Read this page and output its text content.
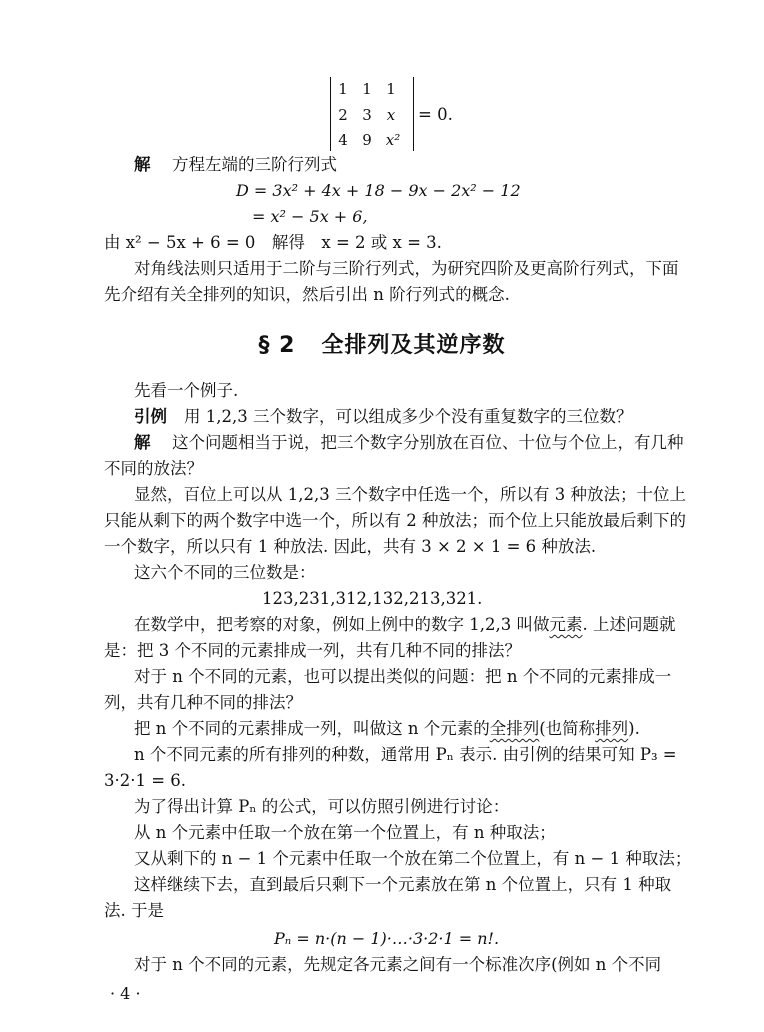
1 1 1
2 3	x
4 9 x²
= 0.
解 方程左端的三阶行列式
D = 3x² + 4x + 18 − 9x − 2x² − 12
= x² − 5x + 6,
由 x² − 5x + 6 = 0　解得　x = 2 或 x = 3.
对角线法则只适用于二阶与三阶行列式，为研究四阶及更高阶行列式，下面
先介绍有关全排列的知识，然后引出 n 阶行列式的概念.
§ 2 全排列及其逆序数
先看一个例子.
引例 用 1,2,3 三个数字，可以组成多少个没有重复数字的三位数？
解 这个问题相当于说，把三个数字分别放在百位、十位与个位上，有几种
不同的放法？
显然，百位上可以从 1,2,3 三个数字中任选一个，所以有 3 种放法；十位上
只能从剩下的两个数字中选一个，所以有 2 种放法；而个位上只能放最后剩下的
一个数字，所以只有 1 种放法. 因此，共有 3 × 2 × 1 = 6 种放法.
这六个不同的三位数是：
123,231,312,132,213,321.
在数学中，把考察的对象，例如上例中的数字 1,2,3 叫做元素. 上述问题就
是：把 3 个不同的元素排成一列，共有几种不同的排法？
对于 n 个不同的元素，也可以提出类似的问题：把 n 个不同的元素排成一
列，共有几种不同的排法？
把 n 个不同的元素排成一列，叫做这 n 个元素的全排列(也简称排列).
n 个不同元素的所有排列的种数，通常用 Pₙ 表示. 由引例的结果可知 P₃ =
3·2·1 = 6.
为了得出计算 Pₙ 的公式，可以仿照引例进行讨论：
从 n 个元素中任取一个放在第一个位置上，有 n 种取法；
又从剩下的 n − 1 个元素中任取一个放在第二个位置上，有 n − 1 种取法；
这样继续下去，直到最后只剩下一个元素放在第 n 个位置上，只有 1 种取
法. 于是
Pₙ = n·(n − 1)·…·3·2·1 = n!.
对于 n 个不同的元素，先规定各元素之间有一个标准次序(例如 n 个不同
· 4 ·
